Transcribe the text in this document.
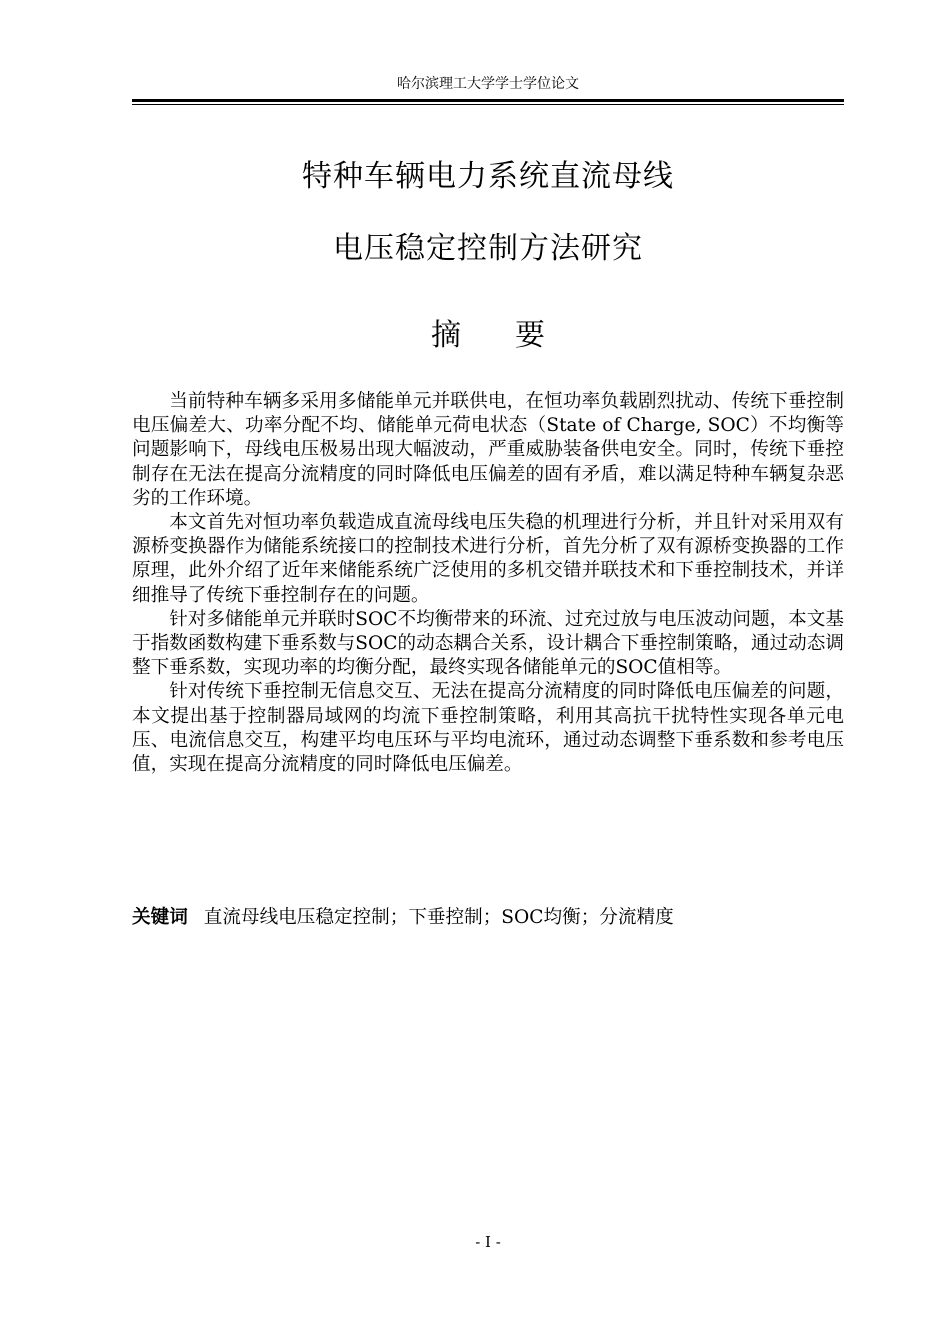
哈尔滨理工大学学士学位论文
特种车辆电力系统直流母线
电压稳定控制方法研究
摘要

当前特种车辆多采用多储能单元并联供电，在恒功率负载剧烈扰动、传统下垂控制电压偏差大、功率分配不均、储能单元荷电状态（State of Charge, SOC）不均衡等问题影响下，母线电压极易出现大幅波动，严重威胁装备供电安全。同时，传统下垂控制存在无法在提高分流精度的同时降低电压偏差的固有矛盾，难以满足特种车辆复杂恶劣的工作环境。

本文首先对恒功率负载造成直流母线电压失稳的机理进行分析，并且针对采用双有源桥变换器作为储能系统接口的控制技术进行分析，首先分析了双有源桥变换器的工作原理，此外介绍了近年来储能系统广泛使用的多机交错并联技术和下垂控制技术，并详细推导了传统下垂控制存在的问题。

针对多储能单元并联时SOC不均衡带来的环流、过充过放与电压波动问题，本文基于指数函数构建下垂系数与SOC的动态耦合关系，设计耦合下垂控制策略，通过动态调整下垂系数，实现功率的均衡分配，最终实现各储能单元的SOC值相等。

针对传统下垂控制无信息交互、无法在提高分流精度的同时降低电压偏差的问题，本文提出基于控制器局域网的均流下垂控制策略，利用其高抗干扰特性实现各单元电压、电流信息交互，构建平均电压环与平均电流环，通过动态调整下垂系数和参考电压值，实现在提高分流精度的同时降低电压偏差。

关键词 直流母线电压稳定控制；下垂控制；SOC均衡；分流精度
- I -
